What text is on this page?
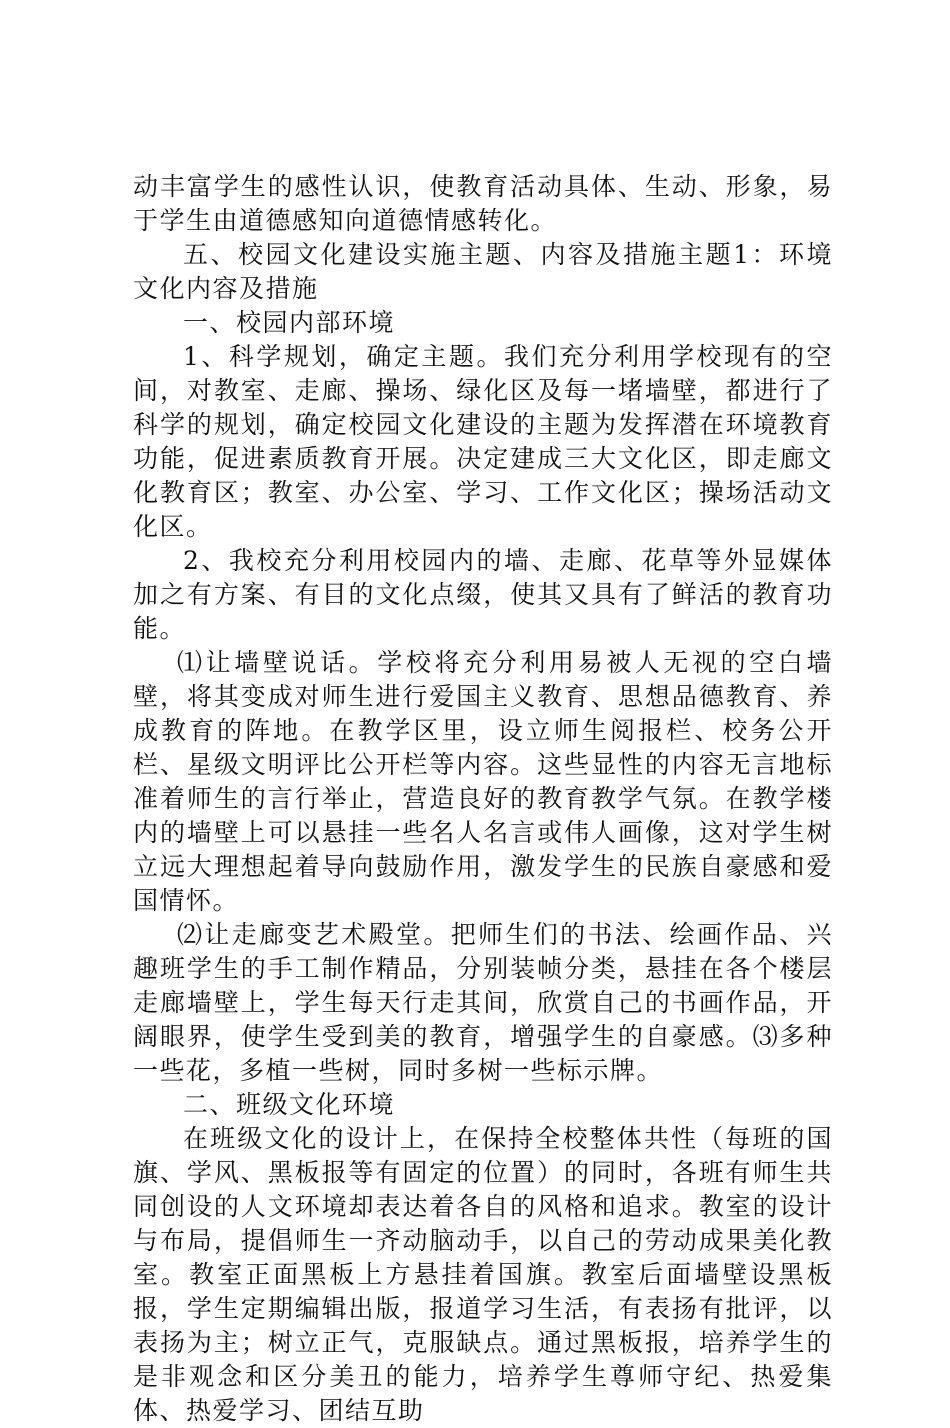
动丰富学生的感性认识，使教育活动具体、生动、形象，易于学生由道德感知向道德情感转化。

五、校园文化建设实施主题、内容及措施主题1：环境文化内容及措施

一、校园内部环境

1、科学规划，确定主题。我们充分利用学校现有的空间，对教室、走廊、操场、绿化区及每一堵墙壁，都进行了科学的规划，确定校园文化建设的主题为发挥潜在环境教育功能，促进素质教育开展。决定建成三大文化区，即走廊文化教育区；教室、办公室、学习、工作文化区；操场活动文化区。

2、我校充分利用校园内的墙、走廊、花草等外显媒体加之有方案、有目的文化点缀，使其又具有了鲜活的教育功能。

⑴让墙壁说话。学校将充分利用易被人无视的空白墙壁，将其变成对师生进行爱国主义教育、思想品德教育、养成教育的阵地。在教学区里，设立师生阅报栏、校务公开栏、星级文明评比公开栏等内容。这些显性的内容无言地标准着师生的言行举止，营造良好的教育教学气氛。在教学楼内的墙壁上可以悬挂一些名人名言或伟人画像，这对学生树立远大理想起着导向鼓励作用，激发学生的民族自豪感和爱国情怀。

⑵让走廊变艺术殿堂。把师生们的书法、绘画作品、兴趣班学生的手工制作精品，分别装帧分类，悬挂在各个楼层走廊墙壁上，学生每天行走其间，欣赏自己的书画作品，开阔眼界，使学生受到美的教育，增强学生的自豪感。⑶多种一些花，多植一些树，同时多树一些标示牌。

二、班级文化环境

在班级文化的设计上，在保持全校整体共性（每班的国旗、学风、黑板报等有固定的位置）的同时，各班有师生共同创设的人文环境却表达着各自的风格和追求。教室的设计与布局，提倡师生一齐动脑动手，以自己的劳动成果美化教室。教室正面黑板上方悬挂着国旗。教室后面墙壁设黑板报，学生定期编辑出版，报道学习生活，有表扬有批评，以表扬为主；树立正气，克服缺点。通过黑板报，培养学生的是非观念和区分美丑的能力，培养学生尊师守纪、热爱集体、热爱学习、团结互助
